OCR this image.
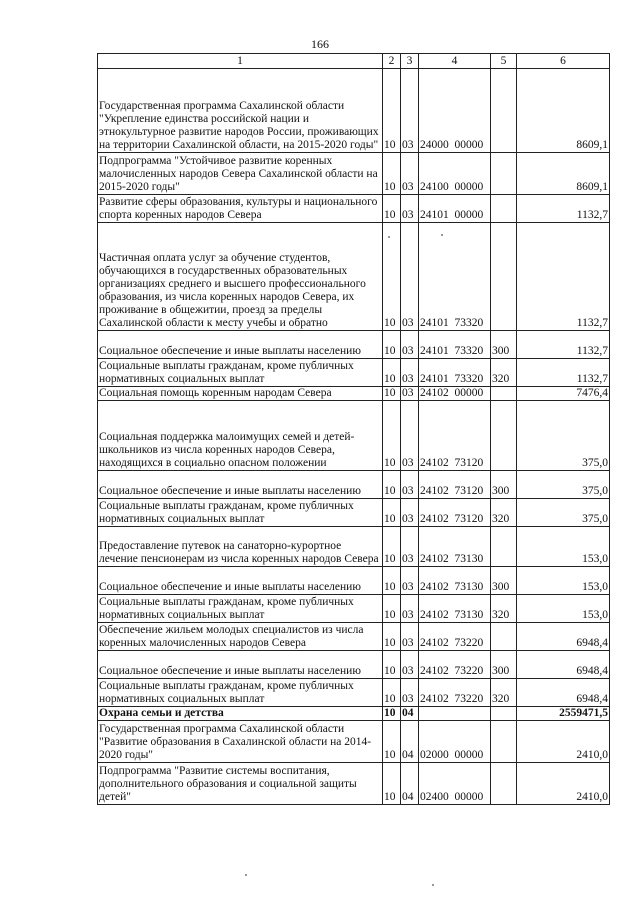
166
1	2	3	4	5	6
Государственная программа Сахалинской области "Укрепление единства российской нации и этнокультурное развитие народов России, проживающих на территории Сахалинской области, на 2015-2020 годы"	10	03	24000  00000		8609,1
Подпрограмма "Устойчивое развитие коренных малочисленных народов Севера Сахалинской области на 2015-2020 годы"	10	03	24100  00000		8609,1
Развитие сферы образования, культуры и национального спорта коренных народов Севера	10	03	24101  00000		1132,7
Частичная оплата услуг за обучение студентов, обучающихся в государственных образовательных организациях среднего и высшего профессионального образования, из числа коренных народов Севера, их проживание в общежитии, проезд за пределы Сахалинской области к месту учебы и обратно	10	03	24101  73320		1132,7
Социальное обеспечение и иные выплаты населению	10	03	24101  73320	300	1132,7
Социальные выплаты гражданам, кроме публичных нормативных социальных выплат	10	03	24101  73320	320	1132,7
Социальная помощь коренным народам Севера	10	03	24102  00000		7476,4
Социальная поддержка малоимущих семей и детей-школьников из числа коренных народов Севера, находящихся в социально опасном положении	10	03	24102  73120		375,0
Социальное обеспечение и иные выплаты населению	10	03	24102  73120	300	375,0
Социальные выплаты гражданам, кроме публичных нормативных социальных выплат	10	03	24102  73120	320	375,0
Предоставление путевок на санаторно-курортное лечение пенсионерам из числа коренных народов Севера	10	03	24102  73130		153,0
Социальное обеспечение и иные выплаты населению	10	03	24102  73130	300	153,0
Социальные выплаты гражданам, кроме публичных нормативных социальных выплат	10	03	24102  73130	320	153,0
Обеспечение жильем молодых специалистов из числа коренных малочисленных народов Севера	10	03	24102  73220		6948,4
Социальное обеспечение и иные выплаты населению	10	03	24102  73220	300	6948,4
Социальные выплаты гражданам, кроме публичных нормативных социальных выплат	10	03	24102  73220	320	6948,4
Охрана семьи и детства	10	04			2559471,5
Государственная программа Сахалинской области "Развитие образования в Сахалинской области на 2014-2020 годы"	10	04	02000  00000		2410,0
Подпрограмма "Развитие системы воспитания, дополнительного образования и социальной защиты детей"	10	04	02400  00000		2410,0
